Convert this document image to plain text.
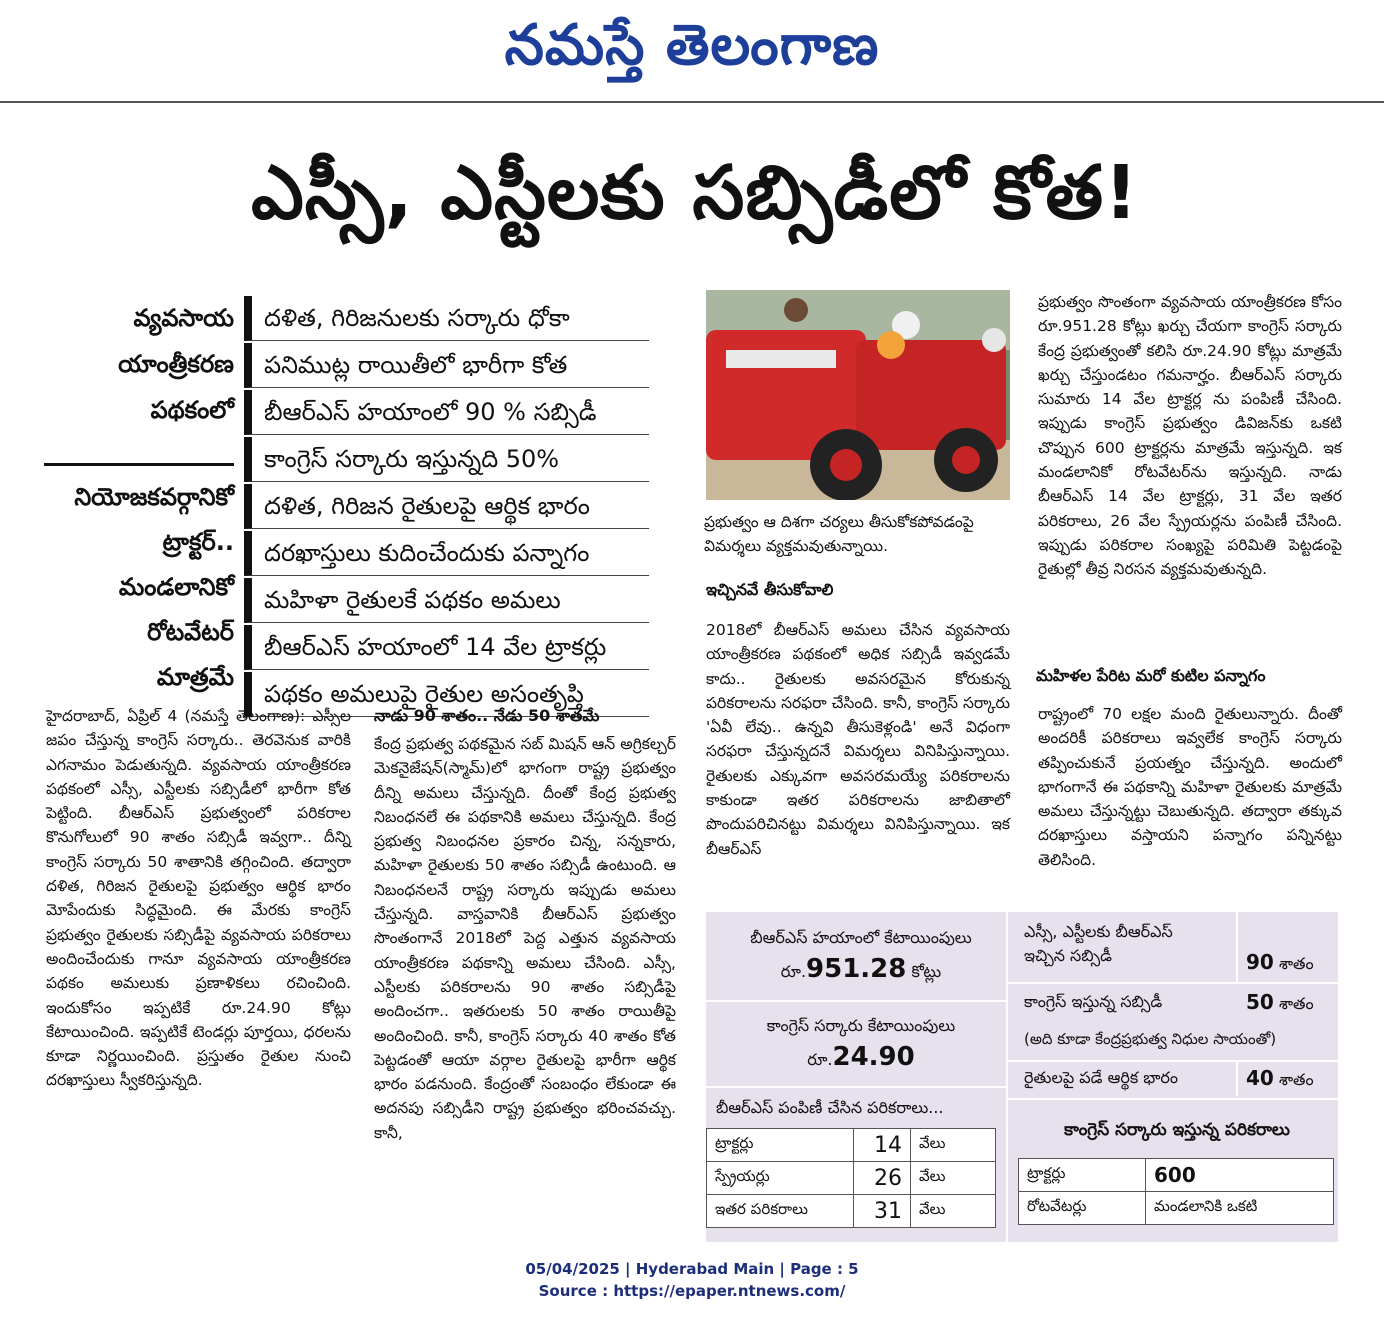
నమస్తే తెలంగాణ
ఎస్సీ, ఎస్టీలకు సబ్సిడీలో కోత!
వ్యవసాయ
యాంత్రీకరణ
పథకంలో
నియోజకవర్గానికో
ట్రాక్టర్..
మండలానికో
రోటవేటర్
మాత్రమే
దళిత, గిరిజనులకు సర్కారు ధోకా
పనిముట్ల రాయితీలో భారీగా కోత
బీఆర్ఎస్ హయాంలో 90 % సబ్సిడీ
కాంగ్రెస్ సర్కారు ఇస్తున్నది 50%
దళిత, గిరిజన రైతులపై ఆర్థిక భారం
దరఖాస్తులు కుదించేందుకు పన్నాగం
మహిళా రైతులకే పథకం అమలు
బీఆర్ఎస్ హయాంలో 14 వేల ట్రాకర్లు
పథకం అమలుపై రైతుల అసంతృప్తి
హైదరాబాద్, ఏప్రిల్ 4 (నమస్తే తెలంగాణ): ఎస్సీల జపం చేస్తున్న కాంగ్రెస్ సర్కారు.. తెరవెనుక వారికి ఎగనామం పెడుతున్నది. వ్యవసాయ యాంత్రీకరణ పథకంలో ఎస్సీ, ఎస్టీలకు సబ్సిడీలో భారీగా కోత పెట్టింది. బీఆర్ఎస్ ప్రభుత్వంలో పరికరాల కొనుగోలులో 90 శాతం సబ్సిడీ ఇవ్వగా.. దీన్ని కాంగ్రెస్ సర్కారు 50 శాతానికి తగ్గించింది. తద్వారా దళిత, గిరిజన రైతులపై ప్రభుత్వం ఆర్థిక భారం మోపేందుకు సిద్ధమైంది. ఈ మేరకు కాంగ్రెస్ ప్రభుత్వం రైతులకు సబ్సిడీపై వ్యవసాయ పరికరాలు అందించేందుకు గానూ వ్యవసాయ యాంత్రీకరణ పథకం అమలుకు ప్రణాళికలు రచించింది. ఇందుకోసం ఇప్పటికే రూ.24.90 కోట్లు కేటాయించింది. ఇప్పటికే టెండర్లు పూర్తయి, ధరలను కూడా నిర్ణయించింది. ప్రస్తుతం రైతుల నుంచి దరఖాస్తులు స్వీకరిస్తున్నది.
నాడు 90 శాతం.. నేడు 50 శాతమే
కేంద్ర ప్రభుత్వ పథకమైన సబ్ మిషన్ ఆన్ అగ్రికల్చర్ మెకనైజేషన్(స్మామ్)లో భాగంగా రాష్ట్ర ప్రభుత్వం దీన్ని అమలు చేస్తున్నది. దీంతో కేంద్ర ప్రభుత్వ నిబంధనలే ఈ పథకానికి అమలు చేస్తున్నది. కేంద్ర ప్రభుత్వ నిబంధనల ప్రకారం చిన్న, సన్నకారు, మహిళా రైతులకు 50 శాతం సబ్సిడీ ఉంటుంది. ఆ నిబంధనలనే రాష్ట్ర సర్కారు ఇప్పుడు అమలు చేస్తున్నది. వాస్తవానికి బీఆర్ఎస్ ప్రభుత్వం సొంతంగానే 2018లో పెద్ద ఎత్తున వ్యవసాయ యాంత్రీకరణ పథకాన్ని అమలు చేసింది. ఎస్సీ, ఎస్టీలకు పరికరాలను 90 శాతం సబ్సిడీపై అందించగా.. ఇతరులకు 50 శాతం రాయితీపై అందించింది. కానీ, కాంగ్రెస్ సర్కారు 40 శాతం కోత పెట్టడంతో ఆయా వర్గాల రైతులపై భారీగా ఆర్థిక భారం పడనుంది. కేంద్రంతో సంబంధం లేకుండా ఈ అదనపు సబ్సిడీని రాష్ట్ర ప్రభుత్వం భరించవచ్చు. కానీ,
ప్రభుత్వం ఆ దిశగా చర్యలు తీసుకోకపోవడంపై విమర్శలు వ్యక్తమవుతున్నాయి.
ఇచ్చినవే తీసుకోవాలి
2018లో బీఆర్ఎస్ అమలు చేసిన వ్యవసాయ యాంత్రీకరణ పథకంలో అధిక సబ్సిడీ ఇవ్వడమే కాదు.. రైతులకు అవసరమైన కోరుకున్న పరికరాలను సరఫరా చేసింది. కానీ, కాంగ్రెస్ సర్కారు 'ఏవీ లేవు.. ఉన్నవి తీసుకెళ్లండి' అనే విధంగా సరఫరా చేస్తున్నదనే విమర్శలు వినిపిస్తున్నాయి. రైతులకు ఎక్కువగా అవసరమయ్యే పరికరాలను కాకుండా ఇతర పరికరాలను జాబితాలో పొందుపరిచినట్టు విమర్శలు వినిపిస్తున్నాయి. ఇక బీఆర్ఎస్
ప్రభుత్వం సొంతంగా వ్యవసాయ యాంత్రీకరణ కోసం రూ.951.28 కోట్లు ఖర్చు చేయగా కాంగ్రెస్ సర్కారు కేంద్ర ప్రభుత్వంతో కలిసి రూ.24.90 కోట్లు మాత్రమే ఖర్చు చేస్తుండటం గమనార్హం. బీఆర్ఎస్ సర్కారు సుమారు 14 వేల ట్రాక్టర్ల ను పంపిణీ చేసింది. ఇప్పుడు కాంగ్రెస్ ప్రభుత్వం డివిజన్‌కు ఒకటి చొప్పున 600 ట్రాక్టర్లను మాత్రమే ఇస్తున్నది. ఇక మండలానికో రోటవేటర్‌ను ఇస్తున్నది. నాడు బీఆర్ఎస్ 14 వేల ట్రాక్టర్లు, 31 వేల ఇతర పరికరాలు, 26 వేల స్ప్రేయర్లను పంపిణీ చేసింది. ఇప్పుడు పరికరాల సంఖ్యపై పరిమితి పెట్టడంపై రైతుల్లో తీవ్ర నిరసన వ్యక్తమవుతున్నది.
మహిళల పేరిట మరో కుటిల పన్నాగం
రాష్ట్రంలో 70 లక్షల మంది రైతులున్నారు. దీంతో అందరికీ పరికరాలు ఇవ్వలేక కాంగ్రెస్ సర్కారు తప్పించుకునే ప్రయత్నం చేస్తున్నది. అందులో భాగంగానే ఈ పథకాన్ని మహిళా రైతులకు మాత్రమే అమలు చేస్తున్నట్టు చెబుతున్నది. తద్వారా తక్కువ దరఖాస్తులు వస్తాయని పన్నాగం పన్నినట్టు తెలిసింది.
బీఆర్ఎస్ హయాంలో కేటాయింపులు
రూ.951.28 కోట్లు
కాంగ్రెస్ సర్కారు కేటాయింపులు
రూ.24.90
బీఆర్ఎస్ పంపిణీ చేసిన పరికరాలు...
ట్రాక్టర్లు	14	వేలు
స్ప్రేయర్లు	26	వేలు
ఇతర పరికరాలు	31	వేలు
ఎస్సీ, ఎస్టీలకు బీఆర్ఎస్
ఇచ్చిన సబ్సిడీ	90 శాతం
కాంగ్రెస్ ఇస్తున్న సబ్సిడీ	50 శాతం
(అది కూడా కేంద్రప్రభుత్వ నిధుల సాయంతో)
రైతులపై పడే ఆర్థిక భారం	40 శాతం
కాంగ్రెస్ సర్కారు ఇస్తున్న పరికరాలు
ట్రాక్టర్లు	600
రోటవేటర్లు	మండలానికి ఒకటి
05/04/2025 | Hyderabad Main | Page : 5
Source : https://epaper.ntnews.com/
